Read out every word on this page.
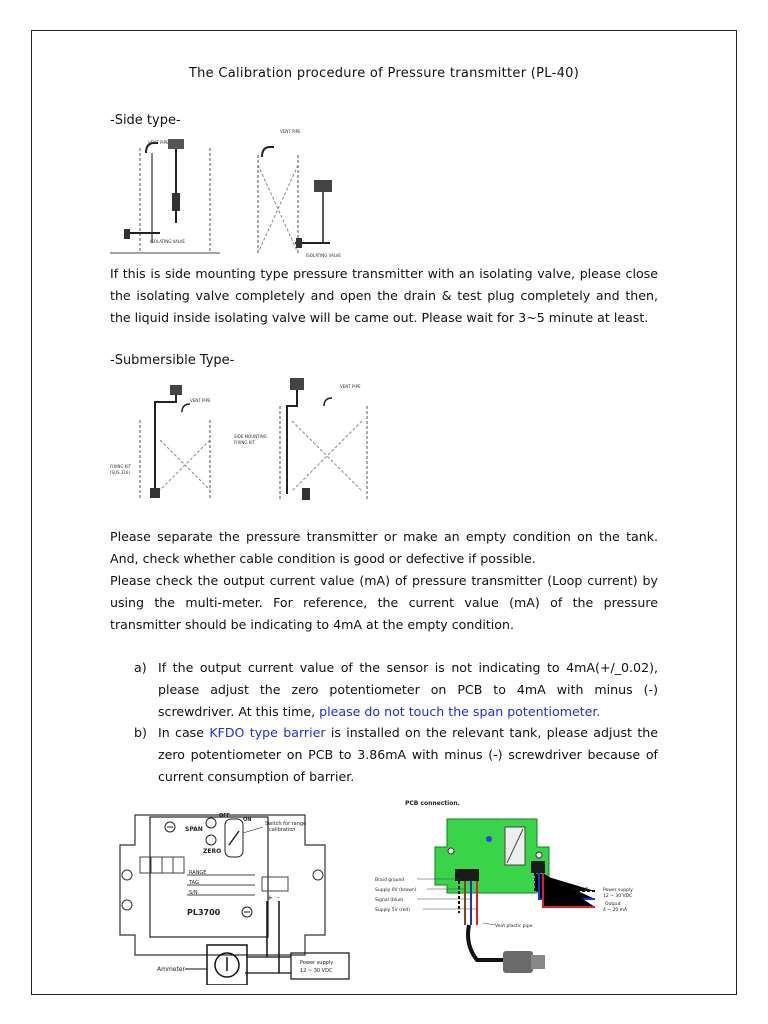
The Calibration procedure of Pressure transmitter (PL-40)
-Side type-
VENT PIPE
ISOLATING VALVE
VENT PIPE
ISOLATING VALVE
If this is side mounting type pressure transmitter with an isolating valve, please close the isolating valve completely and open the drain & test plug completely and then, the liquid inside isolating valve will be came out. Please wait for 3~5 minute at least.
-Submersible Type-
VENT PIPE
FIXING KIT
(SUS 316)
VENT PIPE
SIDE MOUNTING
FIXING KIT
Please separate the pressure transmitter or make an empty condition on the tank. And, check whether cable condition is good or defective if possible.
Please check the output current value (mA) of pressure transmitter (Loop current) by using the multi-meter. For reference, the current value (mA) of the pressure transmitter should be indicating to 4mA at the empty condition.
a) If the output current value of the sensor is not indicating to 4mA(+/_0.02), please adjust the zero potentiometer on PCB to 4mA with minus (-) screwdriver. At this time, please do not touch the span potentiometer.
b) In case KFDO type barrier is installed on the relevant tank, please adjust the zero potentiometer on PCB to 3.86mA with minus (-) screwdriver because of current consumption of barrier.
SPAN
ZERO
OFF
ON
Switch for range
calibration
RANGE
TAG
S/N
PL3700
+ -
Ammeter
Power supply
12 ~ 30 VDC
PCB connection.
Braid ground
Supply 0V (brown)
Signal (blue)
Supply 5V (red)
Vent plastic pipe
Ground	Power supply
12 ~ 30 VDC
Output
4 ~ 20 mA
